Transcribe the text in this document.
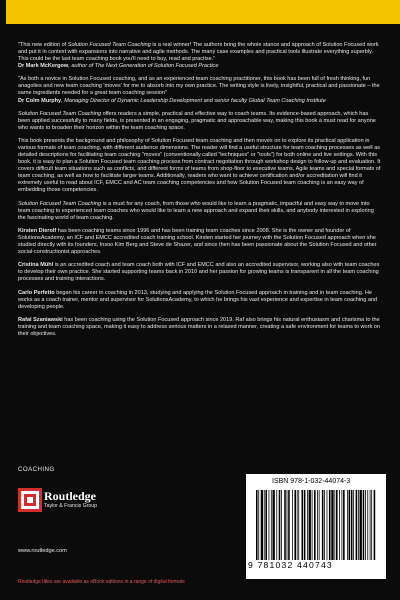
"This new edition of Solution Focused Team Coaching is a real winner! The authors bring the whole stance and approach of Solution Focused work and put it in context with expansions into narrative and agile methods. The many case examples and practical tools illustrate everything superbly. This could be the last team coaching book you'll need to buy, read and practise."
Dr Mark McKergow, author of The Next Generation of Solution Focused Practice
"As both a novice in Solution Focused coaching, and as an experienced team coaching practitioner, this book has been full of fresh thinking, fun anagolies and new team coaching 'moves' for me to absorb into my own practice. The writing style is lively, insightful, practical and passionate – the same ingredients needed for a great team coaching session"
Dr Colm Murphy, Managing Director of Dynamic Leadership Development and senior faculty Global Team Coaching Institute

Solution Focused Team Coaching offers readers a simple, practical and effective way to coach teams. Its evidence-based approach, which has been applied successfully to many fields, is presented in an engaging, pragmatic and approachable way, making this book a must read for anyone who wants to broaden their horizon within the team coaching space.

This book presents the background and philosophy of Solution Focused team coaching and then moves on to explore its practical application in various formats of team coaching, with different audience dimensions. The reader will find a useful structure for team coaching processes as well as detailed descriptions for facilitating team coaching "moves" (conventionally called "techniques" or "tools") for both online and live settings. With this book, it is easy to plan a Solution Focused team coaching process from contract negotiation through workshop design to follow-up and evaluation. It covers difficult team situations such as conflicts, and different forms of teams from shop-floor to executive teams, Agile teams and special formats of team coaching, as well as how to facilitate larger teams. Additionally, readers who want to achieve certification and/or accreditation will find it extremely useful to read about ICF, EMCC and AC team coaching competencies and how Solution Focused team coaching is an easy way of embedding those competencies.

Solution Focused Team Coaching is a must for any coach, from those who would like to learn a pragmatic, impactful and easy way to move into team coaching to experienced team coaches who would like to learn a new approach and expand their skills, and anybody interested in exploring the fascinating world of team coaching.

Kirsten Dierolf has been coaching teams since 1996 and has been training team coaches since 2008. She is the owner and founder of SolutionsAcademy, an ICF and EMCC accredited coach training school. Kirsten started her journey with the Solution Focused approach when she studied directly with its founders, Insoo Kim Berg and Steve de Shazer, and since then has been passionate about the Solution Focused and other social-constructionist approaches.

Cristina Mühl is an accredited coach and team coach both with ICF and EMCC and also an accredited supervisor, working also with team coaches to develop their own practice. She started supporting teams back in 2010 and her passion for growing teams is transparent in all the team coaching processes and training interactions.

Carlo Perfetto began his career in coaching in 2013, studying and applying the Solution Focused approach in training and in team coaching. He works as a coach trainer, mentor and supervisor for SolutionsAcademy, to which he brings his vast experience and expertise in team coaching and developing people.

Rafal Szaniawski has been coaching using the Solution Focused approach since 2019. Raf also brings his natural enthusiasm and charisma to the training and team coaching space, making it easy to address serious matters in a relaxed manner, creating a safe environment for teams to work on their objectives.

COACHING
Routledge
Taylor & Francis Group
www.routledge.com
Routledge titles are available as eBook editions in a range of digital formats
ISBN 978-1-032-44074-3
9 781032 440743
